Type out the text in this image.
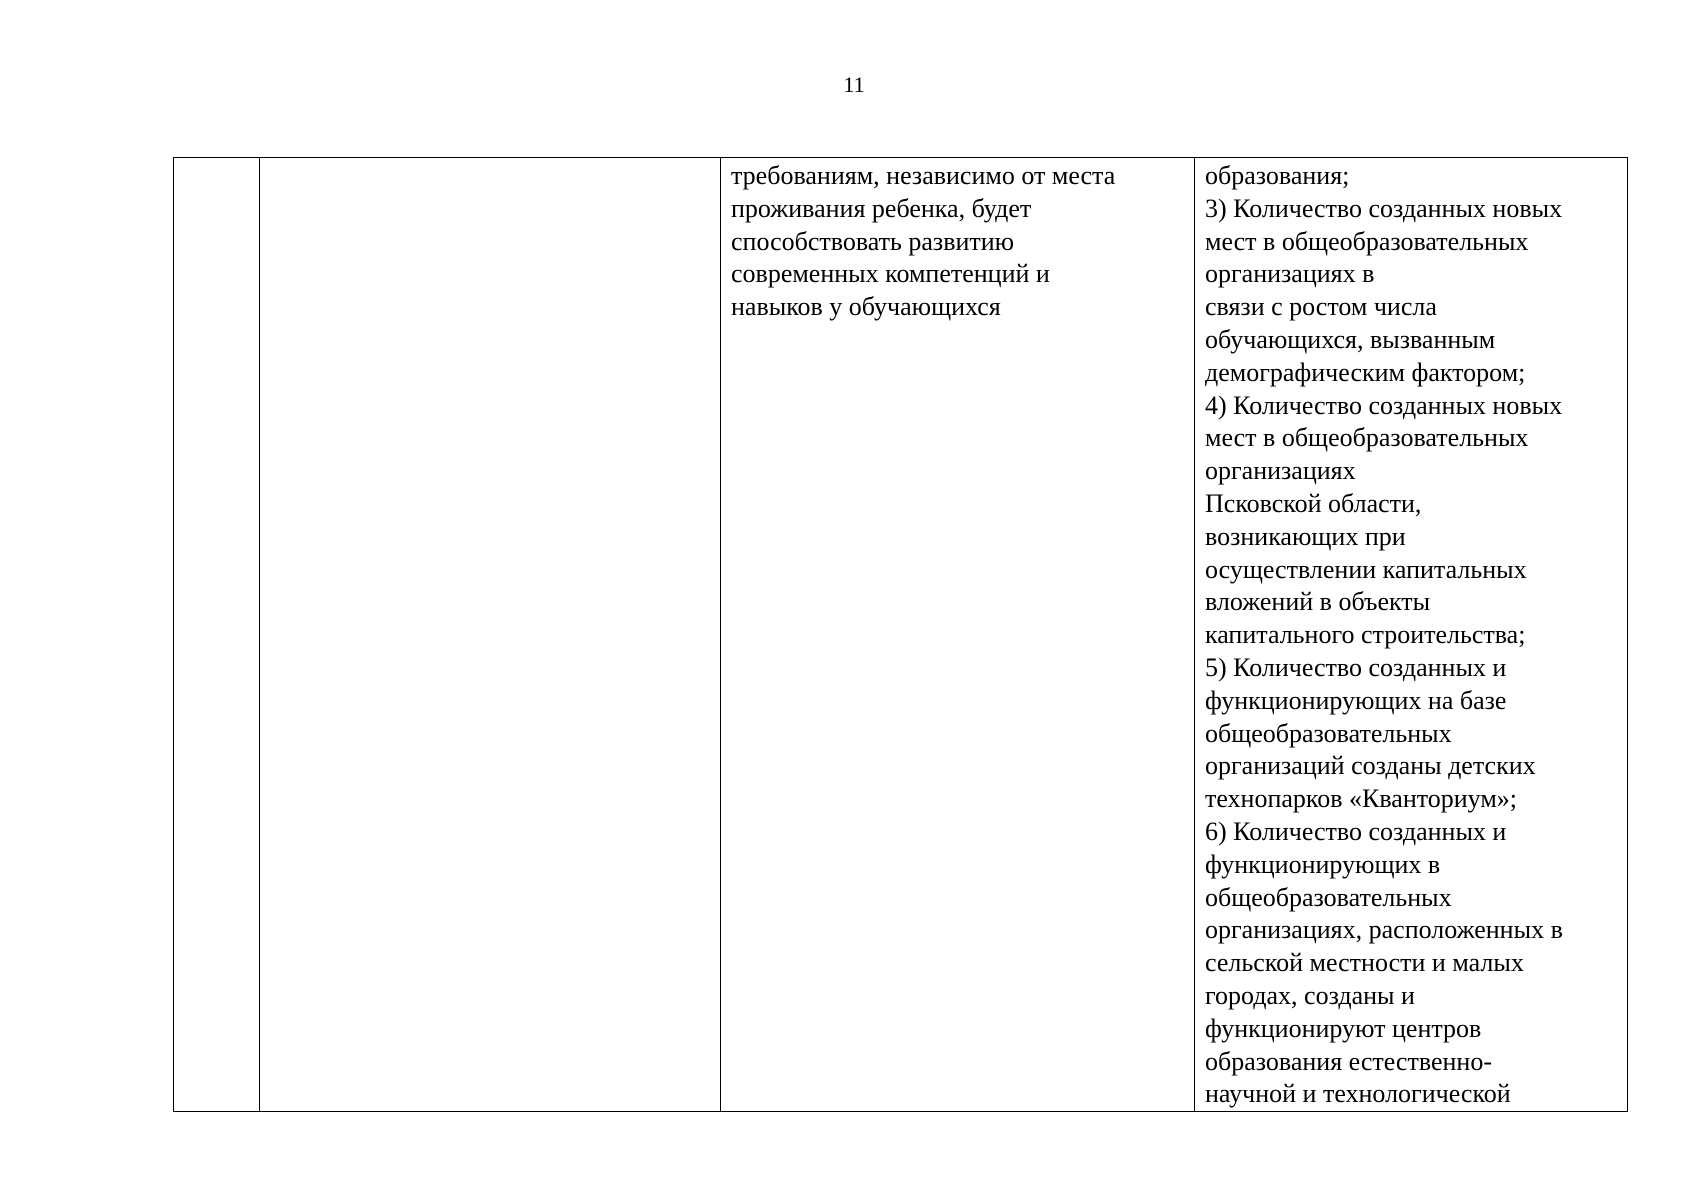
11

требованиям, независимо от места
проживания ребенка, будет
способствовать развитию
современных компетенций и
навыков у обучающихся

образования;
3) Количество созданных новых
мест в общеобразовательных
организациях в
связи с ростом числа
обучающихся, вызванным
демографическим фактором;
4) Количество созданных новых
мест в общеобразовательных
организациях
Псковской области,
возникающих при
осуществлении капитальных
вложений в объекты
капитального строительства;
5) Количество созданных и
функционирующих на базе
общеобразовательных
организаций созданы детских
технопарков «Кванториум»;
6) Количество созданных и
функционирующих в
общеобразовательных
организациях, расположенных в
сельской местности и малых
городах, созданы и
функционируют центров
образования естественно-
научной и технологической
